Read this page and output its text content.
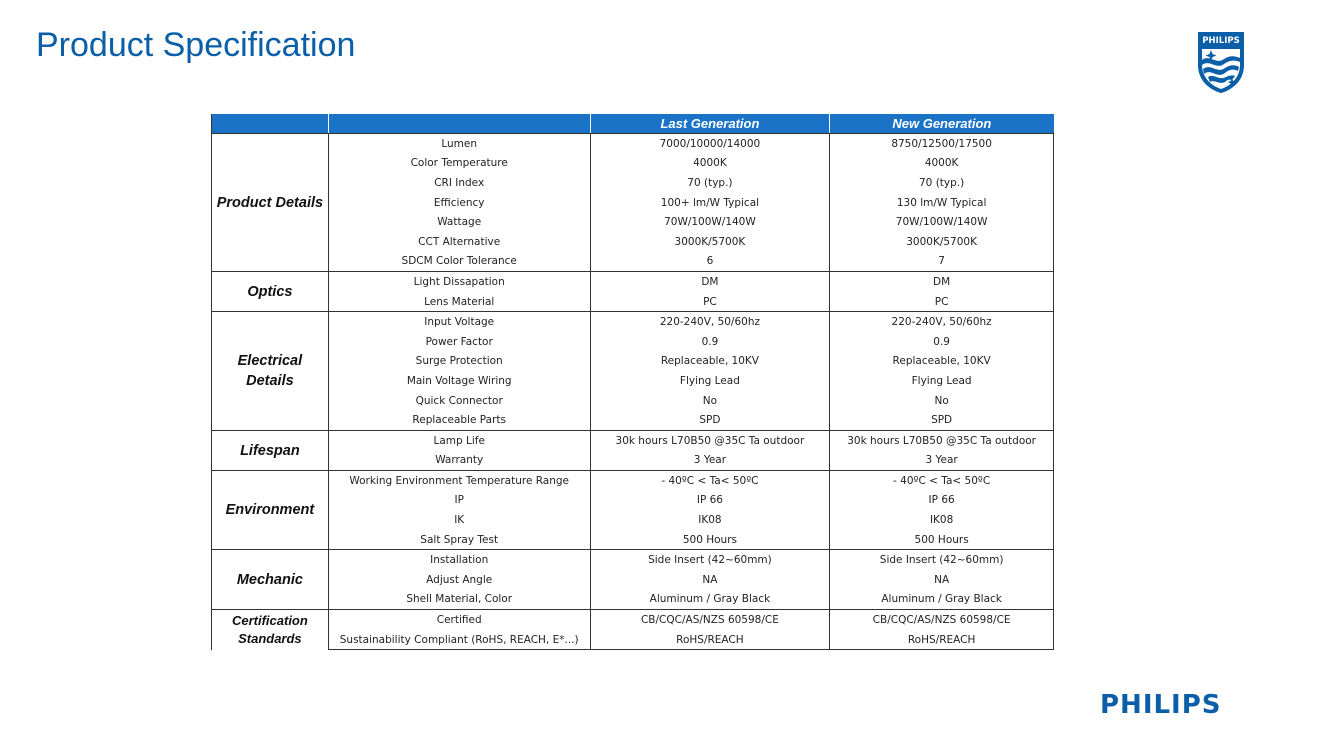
Product Specification	PHILIPS
		Last Generation	New Generation
Product Details	Lumen	7000/10000/14000	8750/12500/17500
	Color Temperature	4000K	4000K
	CRI Index	70 (typ.)	70 (typ.)
	Efficiency	100+ lm/W Typical	130 lm/W Typical
	Wattage	70W/100W/140W	70W/100W/140W
	CCT Alternative	3000K/5700K	3000K/5700K
	SDCM Color Tolerance	6	7
Optics	Light Dissapation	DM	DM
	Lens Material	PC	PC
Electrical Details	Input Voltage	220-240V, 50/60hz	220-240V, 50/60hz
	Power Factor	0.9	0.9
	Surge Protection	Replaceable, 10KV	Replaceable, 10KV
	Main Voltage Wiring	Flying Lead	Flying Lead
	Quick Connector	No	No
	Replaceable Parts	SPD	SPD
Lifespan	Lamp Life	30k hours L70B50 @35C Ta outdoor	30k hours L70B50 @35C Ta outdoor
	Warranty	3 Year	3 Year
Environment	Working Environment Temperature Range	- 40ºC < Ta< 50ºC	- 40ºC < Ta< 50ºC
	IP	IP 66	IP 66
	IK	IK08	IK08
	Salt Spray Test	500 Hours	500 Hours
Mechanic	Installation	Side Insert (42~60mm)	Side Insert (42~60mm)
	Adjust Angle	NA	NA
	Shell Material, Color	Aluminum / Gray Black	Aluminum / Gray Black
Certification Standards	Certified	CB/CQC/AS/NZS 60598/CE	CB/CQC/AS/NZS 60598/CE
	Sustainability Compliant (RoHS, REACH, E*...)	RoHS/REACH	RoHS/REACH
PHILIPS
